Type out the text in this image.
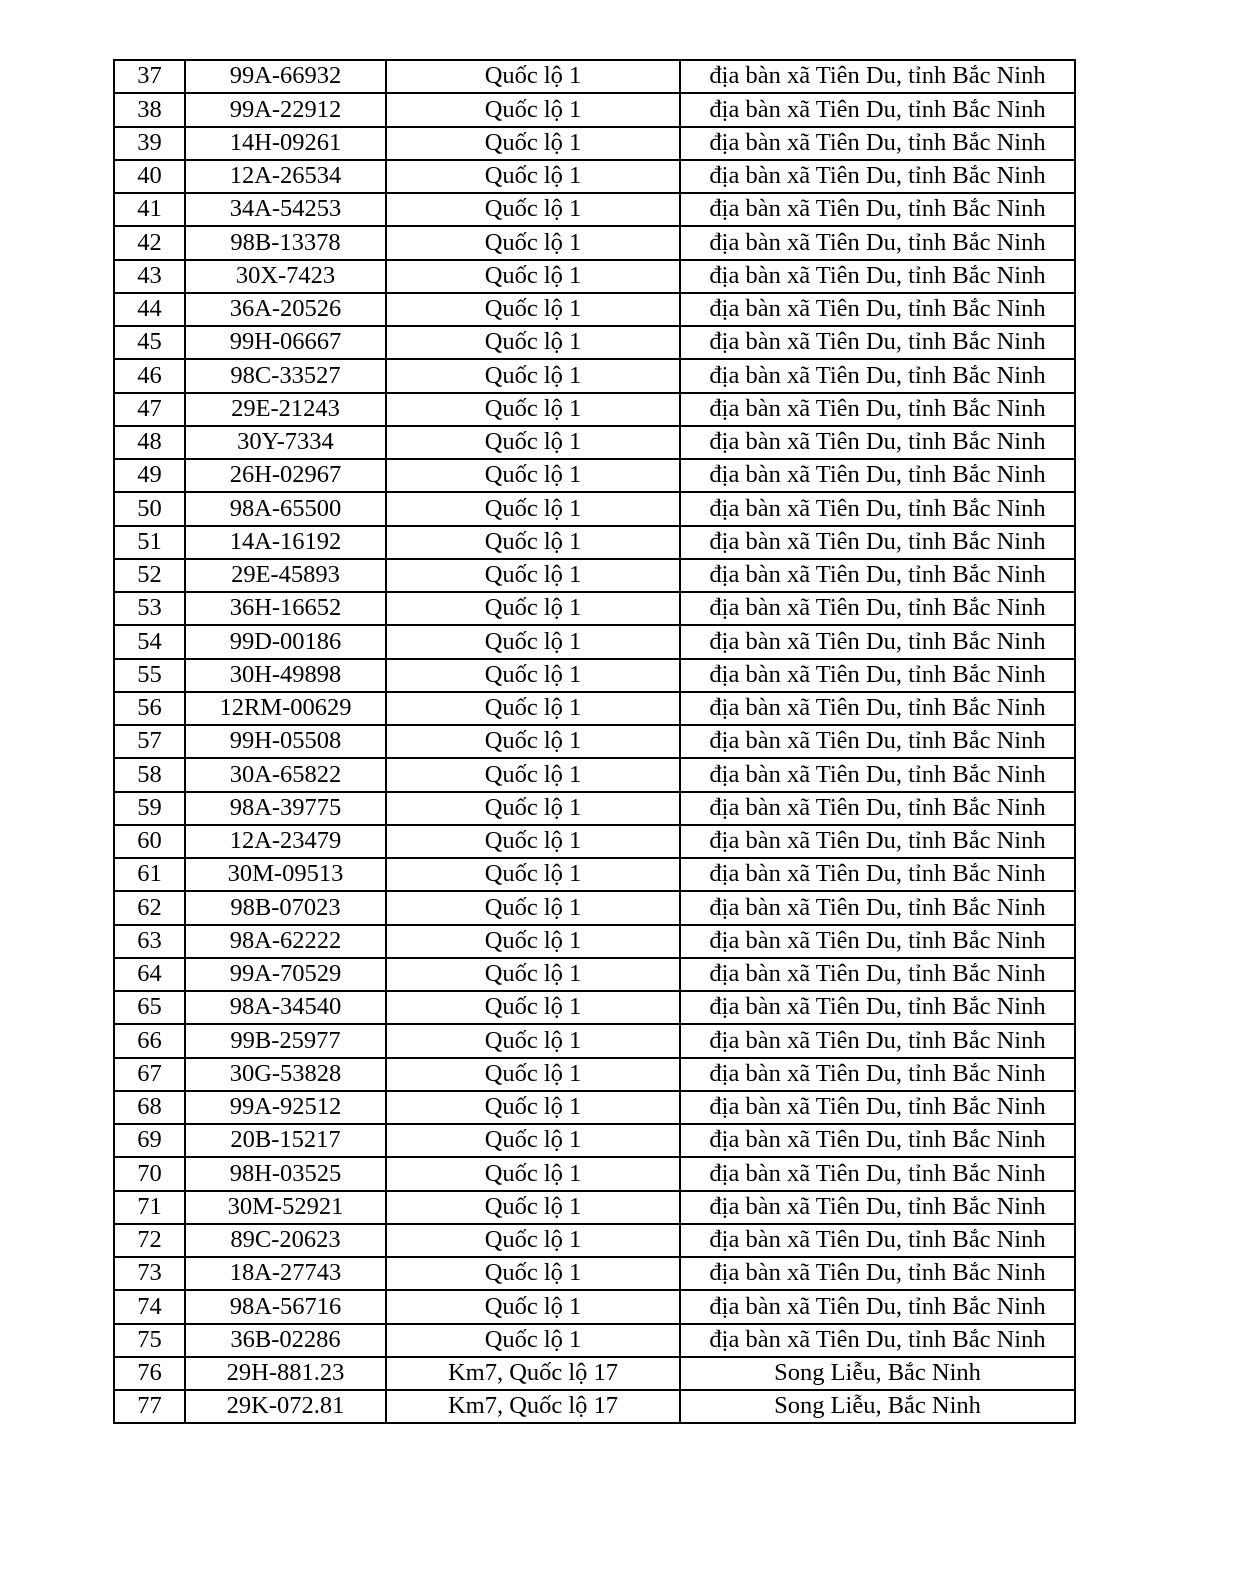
37	99A-66932	Quốc lộ 1	địa bàn xã Tiên Du, tỉnh Bắc Ninh
38	99A-22912	Quốc lộ 1	địa bàn xã Tiên Du, tỉnh Bắc Ninh
39	14H-09261	Quốc lộ 1	địa bàn xã Tiên Du, tỉnh Bắc Ninh
40	12A-26534	Quốc lộ 1	địa bàn xã Tiên Du, tỉnh Bắc Ninh
41	34A-54253	Quốc lộ 1	địa bàn xã Tiên Du, tỉnh Bắc Ninh
42	98B-13378	Quốc lộ 1	địa bàn xã Tiên Du, tỉnh Bắc Ninh
43	30X-7423	Quốc lộ 1	địa bàn xã Tiên Du, tỉnh Bắc Ninh
44	36A-20526	Quốc lộ 1	địa bàn xã Tiên Du, tỉnh Bắc Ninh
45	99H-06667	Quốc lộ 1	địa bàn xã Tiên Du, tỉnh Bắc Ninh
46	98C-33527	Quốc lộ 1	địa bàn xã Tiên Du, tỉnh Bắc Ninh
47	29E-21243	Quốc lộ 1	địa bàn xã Tiên Du, tỉnh Bắc Ninh
48	30Y-7334	Quốc lộ 1	địa bàn xã Tiên Du, tỉnh Bắc Ninh
49	26H-02967	Quốc lộ 1	địa bàn xã Tiên Du, tỉnh Bắc Ninh
50	98A-65500	Quốc lộ 1	địa bàn xã Tiên Du, tỉnh Bắc Ninh
51	14A-16192	Quốc lộ 1	địa bàn xã Tiên Du, tỉnh Bắc Ninh
52	29E-45893	Quốc lộ 1	địa bàn xã Tiên Du, tỉnh Bắc Ninh
53	36H-16652	Quốc lộ 1	địa bàn xã Tiên Du, tỉnh Bắc Ninh
54	99D-00186	Quốc lộ 1	địa bàn xã Tiên Du, tỉnh Bắc Ninh
55	30H-49898	Quốc lộ 1	địa bàn xã Tiên Du, tỉnh Bắc Ninh
56	12RM-00629	Quốc lộ 1	địa bàn xã Tiên Du, tỉnh Bắc Ninh
57	99H-05508	Quốc lộ 1	địa bàn xã Tiên Du, tỉnh Bắc Ninh
58	30A-65822	Quốc lộ 1	địa bàn xã Tiên Du, tỉnh Bắc Ninh
59	98A-39775	Quốc lộ 1	địa bàn xã Tiên Du, tỉnh Bắc Ninh
60	12A-23479	Quốc lộ 1	địa bàn xã Tiên Du, tỉnh Bắc Ninh
61	30M-09513	Quốc lộ 1	địa bàn xã Tiên Du, tỉnh Bắc Ninh
62	98B-07023	Quốc lộ 1	địa bàn xã Tiên Du, tỉnh Bắc Ninh
63	98A-62222	Quốc lộ 1	địa bàn xã Tiên Du, tỉnh Bắc Ninh
64	99A-70529	Quốc lộ 1	địa bàn xã Tiên Du, tỉnh Bắc Ninh
65	98A-34540	Quốc lộ 1	địa bàn xã Tiên Du, tỉnh Bắc Ninh
66	99B-25977	Quốc lộ 1	địa bàn xã Tiên Du, tỉnh Bắc Ninh
67	30G-53828	Quốc lộ 1	địa bàn xã Tiên Du, tỉnh Bắc Ninh
68	99A-92512	Quốc lộ 1	địa bàn xã Tiên Du, tỉnh Bắc Ninh
69	20B-15217	Quốc lộ 1	địa bàn xã Tiên Du, tỉnh Bắc Ninh
70	98H-03525	Quốc lộ 1	địa bàn xã Tiên Du, tỉnh Bắc Ninh
71	30M-52921	Quốc lộ 1	địa bàn xã Tiên Du, tỉnh Bắc Ninh
72	89C-20623	Quốc lộ 1	địa bàn xã Tiên Du, tỉnh Bắc Ninh
73	18A-27743	Quốc lộ 1	địa bàn xã Tiên Du, tỉnh Bắc Ninh
74	98A-56716	Quốc lộ 1	địa bàn xã Tiên Du, tỉnh Bắc Ninh
75	36B-02286	Quốc lộ 1	địa bàn xã Tiên Du, tỉnh Bắc Ninh
76	29H-881.23	Km7, Quốc lộ 17	Song Liễu, Bắc Ninh
77	29K-072.81	Km7, Quốc lộ 17	Song Liễu, Bắc Ninh
